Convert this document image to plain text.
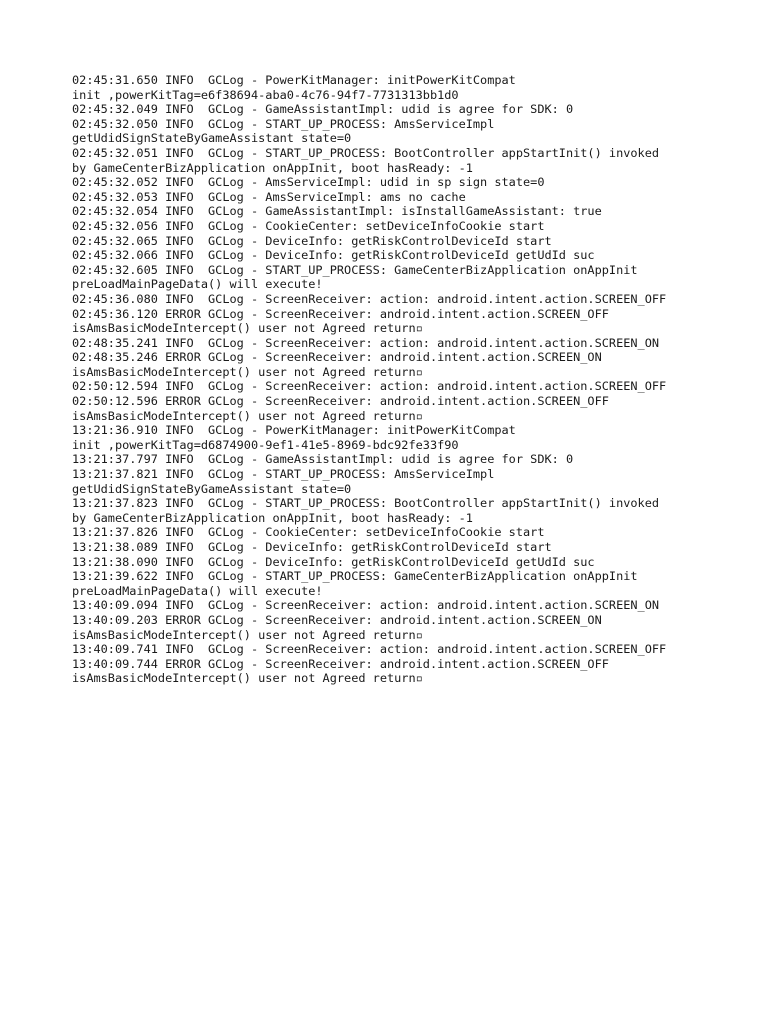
02:45:31.650 INFO  GCLog - PowerKitManager: initPowerKitCompat
init ,powerKitTag=e6f38694-aba0-4c76-94f7-7731313bb1d0
02:45:32.049 INFO  GCLog - GameAssistantImpl: udid is agree for SDK: 0
02:45:32.050 INFO  GCLog - START_UP_PROCESS: AmsServiceImpl
getUdidSignStateByGameAssistant state=0
02:45:32.051 INFO  GCLog - START_UP_PROCESS: BootController appStartInit() invoked
by GameCenterBizApplication onAppInit, boot hasReady: -1
02:45:32.052 INFO  GCLog - AmsServiceImpl: udid in sp sign state=0
02:45:32.053 INFO  GCLog - AmsServiceImpl: ams no cache
02:45:32.054 INFO  GCLog - GameAssistantImpl: isInstallGameAssistant: true
02:45:32.056 INFO  GCLog - CookieCenter: setDeviceInfoCookie start
02:45:32.065 INFO  GCLog - DeviceInfo: getRiskControlDeviceId start
02:45:32.066 INFO  GCLog - DeviceInfo: getRiskControlDeviceId getUdId suc
02:45:32.605 INFO  GCLog - START_UP_PROCESS: GameCenterBizApplication onAppInit
preLoadMainPageData() will execute!
02:45:36.080 INFO  GCLog - ScreenReceiver: action: android.intent.action.SCREEN_OFF
02:45:36.120 ERROR GCLog - ScreenReceiver: android.intent.action.SCREEN_OFF
isAmsBasicModeIntercept() user not Agreed return▫
02:48:35.241 INFO  GCLog - ScreenReceiver: action: android.intent.action.SCREEN_ON
02:48:35.246 ERROR GCLog - ScreenReceiver: android.intent.action.SCREEN_ON
isAmsBasicModeIntercept() user not Agreed return▫
02:50:12.594 INFO  GCLog - ScreenReceiver: action: android.intent.action.SCREEN_OFF
02:50:12.596 ERROR GCLog - ScreenReceiver: android.intent.action.SCREEN_OFF
isAmsBasicModeIntercept() user not Agreed return▫
13:21:36.910 INFO  GCLog - PowerKitManager: initPowerKitCompat
init ,powerKitTag=d6874900-9ef1-41e5-8969-bdc92fe33f90
13:21:37.797 INFO  GCLog - GameAssistantImpl: udid is agree for SDK: 0
13:21:37.821 INFO  GCLog - START_UP_PROCESS: AmsServiceImpl
getUdidSignStateByGameAssistant state=0
13:21:37.823 INFO  GCLog - START_UP_PROCESS: BootController appStartInit() invoked
by GameCenterBizApplication onAppInit, boot hasReady: -1
13:21:37.826 INFO  GCLog - CookieCenter: setDeviceInfoCookie start
13:21:38.089 INFO  GCLog - DeviceInfo: getRiskControlDeviceId start
13:21:38.090 INFO  GCLog - DeviceInfo: getRiskControlDeviceId getUdId suc
13:21:39.622 INFO  GCLog - START_UP_PROCESS: GameCenterBizApplication onAppInit
preLoadMainPageData() will execute!
13:40:09.094 INFO  GCLog - ScreenReceiver: action: android.intent.action.SCREEN_ON
13:40:09.203 ERROR GCLog - ScreenReceiver: android.intent.action.SCREEN_ON
isAmsBasicModeIntercept() user not Agreed return▫
13:40:09.741 INFO  GCLog - ScreenReceiver: action: android.intent.action.SCREEN_OFF
13:40:09.744 ERROR GCLog - ScreenReceiver: android.intent.action.SCREEN_OFF
isAmsBasicModeIntercept() user not Agreed return▫
